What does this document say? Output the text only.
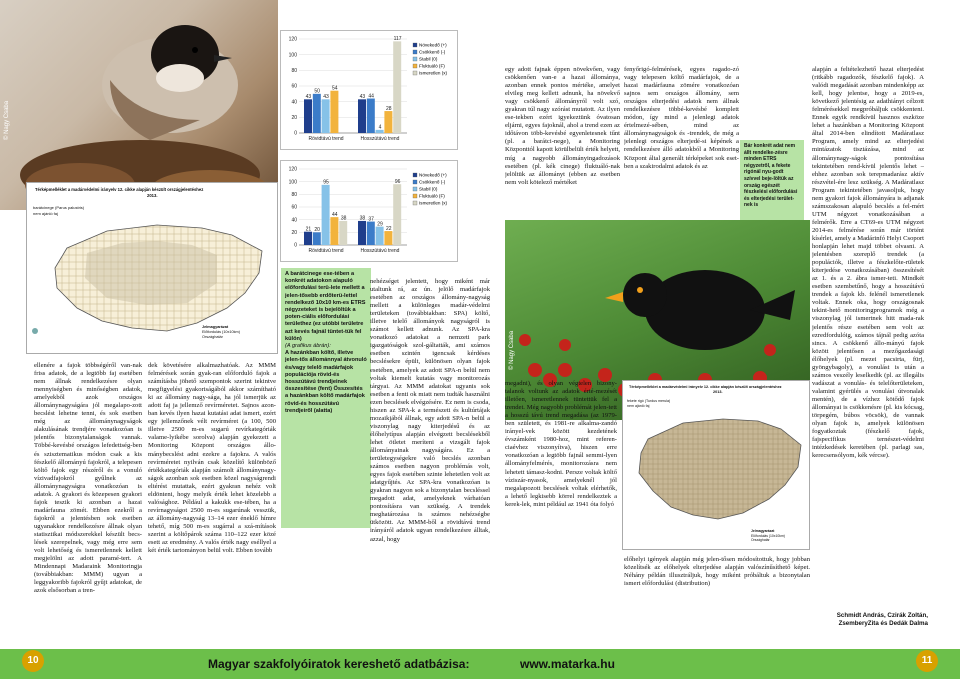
© Nagy Csaba
Térképmelléklet a madárvédelmi irányelv 12. cikke alapján készült országjelentéshez
2013.
barátcinege (Parus palustris)
nem ajánló faj
Jelmagyarázat
Előfordulás (10x10km)
Országhatár
0
20
40
60
80
100
120
43
50
43
54
Rövidtávú trend
43 44
4
28
117
Hosszútávú trend
Növekedő (+)
Csökkenő (-)
Stabil (0)
Fluktuáló (F)
Ismeretlen (x)
0
20
40
60
80
100
120
21 20
95
44
38
Rövidtávú trend
38 37
29
22
96
Hosszútávú trend
Növekedő (+)
Csökkenő (-)
Stabil (0)
Fluktuáló (F)
Ismeretlen (x)
A barátcinege ese-tében a konkrét adatokon alapuló előfordulási terü-lete mellett a jelen-tősebb erdőterü-lettel rendelkező 10x10 km-es ETRS négyzeteket is bejelöltük a poten-ciális előfordulási területhez (ez utóbbi területre azt kevés fajnál tüntet-tük fel külön)
(A grafikus ábrán):
A hazánkban költő, illetve jelen-tős állománnyal átvonuló és/vagy telelő madárfajok populációja rövid-és hosszútávú trendjeinek összesítése (fent) Összesítés a hazánkban költő madárfajok rövid-és hosszútávú trendjeiről (alatta)
ellenére a fajok többségéről van-nak friss adatok, de a legtöbb faj esetében nem állnak rendelkezésre olyan mennyiségben és minőségben adatok, amelyekből azok országos állománynagyságára jól megalapo-zott becslést lehetne tenni, és sok esetben még az állománynagyságok alakulásának trendjére vonatkozóan is jelentős bizonytalanságok vannak. Többé-kevésbé országos lefedettség-ben és szisztematikus módon csak a kis fészkelő állományú fajokról, a telepesen költő fajok egy részéről és a vonuló vízivadfajokról gyűlnek az állománynagyságra vonatkozóan is adatok. A gyakori és közepesen gyakori fajok teszik ki azonban a hazai madárfauna zömét. Ebben ezekről a fajokról a jelentésben sok esetben ugyanakkor rendelkezésre állnak olyan statisztikai módszerekkel készült becs-lések szerepelnek, vagy még erre sem volt lehetőség és ismeretlennek kellett megjelölni az adott paramé-tert. A Mindennapi Madaraink Monitoringja (továbbiakban: MMM) ugyan a leggyakoribb fajokról gyűjt adatokat, de azok elsősorban a tren-
dek követésére alkalmazhatóak. Az MMM felmérések során gyak-ran előforduló fajok a számításba jöhető szempontok szerint tekintve megfigyelési gyakoriságából akkor számítható ki az állomány nagy-sága, ha jól ismerjük az adott faj ja jellemző revírméretet. Sajnos azon-ban kevés ilyen hazai kutatási adat ismert, ezért egy jellemzőnek vélt revírméret (a 100, 500 illetve 2500 m-es sugarú revírkategóriák valame-lyikébe sorolva) alapján gyekezett a Monitoring Központ országos állo-mánybecslést adni ezekre a fajokra. A valós revírméretet nyilván csak közelítő különböző értékkategóriák alapján számolt állománynagy-ságok azonban sok esetben közel nagyságrendi eltérést mutattak, ezért gyakran nehéz volt eldönteni, hogy melyik érték lehet közelebb a valósághoz. Például a kakukk ese-tében, ha a revírnagyságot 2500 m-es sugarúnak vesszük, az állomány-nagyság 13–14 ezer éneklő hímre tehető, míg 500 m-es sugárral a szá-mítások szerint a költőpárok száma 110–122 ezer közé esett az eredmény. A valós érték nagy eséllyel a két érték tartományon belül volt. Ebben tovább
egy adott fajnak éppen növekvően, vagy csökkenően van-e a hazai állománya, azonban ennek pontos mértéke, amelyet elvileg meg kellett adnunk, ha növekvő vagy csökkenő állományról volt szó, gyakran túl nagy szórást mutatott. Az ilyen ese-tekben ezért igyekeztünk óvatosan eljárni, egyes fajoknál, ahol a trend ezen az időtávon több-kevésbé egyenletesnek tűnt (pl. a barátci-nege), a Monitoring Központtól kapott körülbelüli érték helyett, míg a nagyobb állományingadozások esetében (pl. kék cinege) fluktuáló-nak jelöltük az állományt (ebben az esetben nem volt kötelező mértéket
fenyőrigó-felmérések, egyes ragado-zó vagy telepesen költő madárfajok, de a hazai madárfauna zömére vonatkozóan sajnos sem országos állomány, sem országos elterjedési adatok nem állnak rendelkezésre többé-kevésbé komplett módon, így mind a jelenlegi adatok értelmezé-sében, mind az állománynagyságok és -trendek, de még a jelenlegi országos elterjedé-si képének a rendelkezésre álló adatokból a Monitoring Központ által generált térképeket sok eset-ben a szakirodalmi adatok és az
Bár konkrét adat nem állt rendelke-zésre minden ETRS négyzetről, a fekete rigónál nyu-godt szívvel beje-löltük az ország egészét fészkelési előfordulási és elterjedési terület-nek is
alapján a feltételezhető hazai elterjedést (ritkább ragadozók, fészkelő fajok). A valódi megadását azonban mindenképp az kell, hogy jelentse, hogy a 2019-es, következő jelentésig az adathiányt célzott felmérésekkel megpróbáljuk csökkenteni. Ennek egyik rendkívül hasznos eszköze lehet a hazánkban a Monitoring Központ által 2014-ben elindított Madáratlasz Program, amely mind az elterjedési mintázatok tisztázása, mind az állománynagy-ságok pontosítása tekintetében rend-kívül jelentős lehet – ehhez azonban sok terepmadarász aktív részvétel-ére lesz szükség. A Madáratlasz Program tekintetében javasoljuk, hogy nem gyakori fajok állományára is adjanak számszakosan alapuló becslés a fel-mért UTM négyzet vonatkozásában a felmérők. Erre a CT69-es UTM négyzet 2014-es felmérése során már történt kísérlet, amely a Madárinfó Helyi Csoport honlapján lehet majd többet olvasni. A jelentésben szereplő trendek (a populációk, illetve a fészkelőte-rületek kiterjedése vonatkozásában) összesítését az 1. és a 2. ábra ismer-teti. Mindkét esetben szembetűnő, hogy a hosszútávú trendek a fajok kb. felénél ismeretlenek voltak. Ennek oka, hogy országosnak tekint-hető monitoringprogramok még a viszonylag jól ismertnek hitt mada-rak jelentős része esetében sem volt az ezredfordulóig, számos tájnál pedig azóta sincs. A csökkenő állo-mányú fajok között jelentősen a mezőgazdasági élőhelyek (pl. mezei pacsirta, fürj, gyöngybagoly), a vonulást is után a számos veszély leselkedik (pl. az illegális vadászat a vonulás- és telelőterületeken, valamint gyérülés a vonulási útvonalak mentén), de a vízhez kötődő fajok állományai is csökkenésre (pl. kis kócsag, törpegém, búbos vöcsök), de vannak olyan fajok is, amelyek különösen fogyatkoztak (fészkelő fajok, fajspecifikus ternészet-védelmi intézkedések keretében (pl. parlagi sas, kerecsensólyom, kék vércse).
© Nagy Csaba
nehézséget jelentett, hogy miként már utaltunk rá, az ún. jelölő madárfajok esetében az országos állomány-nagyság mellett a különleges madár-védelmi területeken (továbbiakban: SPA) költő, illetve telelő állományok nagyságról is számot kellett adnunk. Az SPA-kra vonatkozó adatokat a nemzeti park igazgatóságok szol-gáltatták, ami számos esetben szintén igencsak kérdéses becslésekre épült, különösen olyan fajok esetében, amelyek az adott SPA-n belül nem voltak kiemelt kutatás vagy monitorozás tárgyai. Az MMM adatokat ugyanis sok esetben a fenti ok miatt nem tudták használni ezen becslések elvégzésére. Ez nem is csoda, hiszen az SPA-k a természeti és kultúrtájak mozaikjából állnak, egy adott SPA-n belül a viszonylag nagy kiterjedésű és az élőhelytípus alapján elvégzett becslésekből lehet ötletet meríteni a vizsgált fajok állományainak nagyságára. Ez a területegységekre való becslés azonban számos esetben nagyon problémás volt, egyes fajok esetében szinte lehetetlen volt az adatgyűjtés. Az SPA-kra vonatkozóan is gyakran nagyon sok a bizonytalan becsléssel megadott adat, amelyeknek várhatóan pontosításra van szükség. A trendek meghatározása is számos nehézségbe ütközött. Az MMM-ből a rövidtávú trend irányáról adatok ugyan rendelkezésre álltak, azzal, hogy
megadni), és olyan végtelen bizony-talanok voltunk az adatok érté-mezését illetően, ismeretlennek tüntettük fel a trendet. Még nagyobb problémát jelen-tett a hosszú távú trend megadása (az 1979-ben született, és 1981-re alkalma-zandó irányel-vek között kezdetének évszámként 1980-hoz, mint referen-ciaévhez viszonyítva), hiszen erre vonatkozóan a legtöbb fajnál semmi-lyen állományfelmérés, monitorozásra nem lehetett támasz-kodni. Persze voltak költő víziszár-nyasok, amelyeknél jól megalapozott becslések voltak elérhetők, a lehető legkisebb körrel rendelkeztek a kerek-lek, mint például az 1941 óta folyó
Térképmelléklet a madárvédelmi irányelv 12. cikke alapján készült országjelentéshez
2013.
fekete rigó (Turdus merula)
nem ajánló faj
Jelmagyarázat
Előfordulás (10x10km)
Országhatár
előhelyi igények alapján még jelen-tősen módosítottuk, hogy jobban közelítsék az előhelyek elterjedése alapján valószínűsíthető képet. Néhány példán illusztráljuk, hogy miként próbáltuk a bizonytalan ismert előfordulási (distribution)
Schmidt András, Czirák Zoltán,
ZsemberyZita és Dedák Dalma
10	11
Magyar szakfolyóiratok kereshető adatbázisa:	www.matarka.hu
